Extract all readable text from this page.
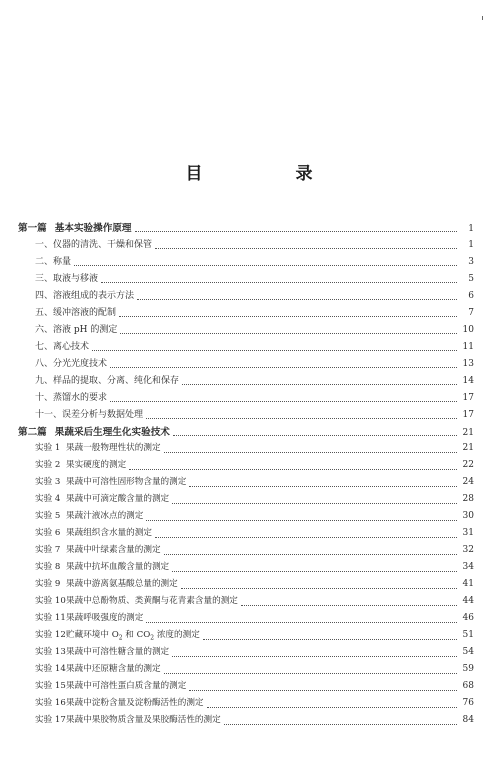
目　录
第一篇 基本实验操作原理	1
一、仪器的清洗、干燥和保管	1
二、称量	3
三、取液与移液	5
四、溶液组成的表示方法	6
五、缓冲溶液的配制	7
六、溶液 pH 的测定	10
七、离心技术	11
八、分光光度技术	13
九、样品的提取、分离、纯化和保存	14
十、蒸馏水的要求	17
十一、误差分析与数据处理	17
第二篇 果蔬采后生理生化实验技术	21
实验 1 果蔬一般物理性状的测定	21
实验 2 果实硬度的测定	22
实验 3 果蔬中可溶性固形物含量的测定	24
实验 4 果蔬中可滴定酸含量的测定	28
实验 5 果蔬汁液冰点的测定	30
实验 6 果蔬组织含水量的测定	31
实验 7 果蔬中叶绿素含量的测定	32
实验 8 果蔬中抗坏血酸含量的测定	34
实验 9 果蔬中游离氨基酸总量的测定	41
实验 10 果蔬中总酚物质、类黄酮与花青素含量的测定	44
实验 11 果蔬呼吸强度的测定	46
实验 12 贮藏环境中 $O_2$ 和 $CO_2$ 浓度的测定	51
实验 13 果蔬中可溶性糖含量的测定	54
实验 14 果蔬中还原糖含量的测定	59
实验 15 果蔬中可溶性蛋白质含量的测定	68
实验 16 果蔬中淀粉含量及淀粉酶活性的测定	76
实验 17 果蔬中果胶物质含量及果胶酶活性的测定	84
